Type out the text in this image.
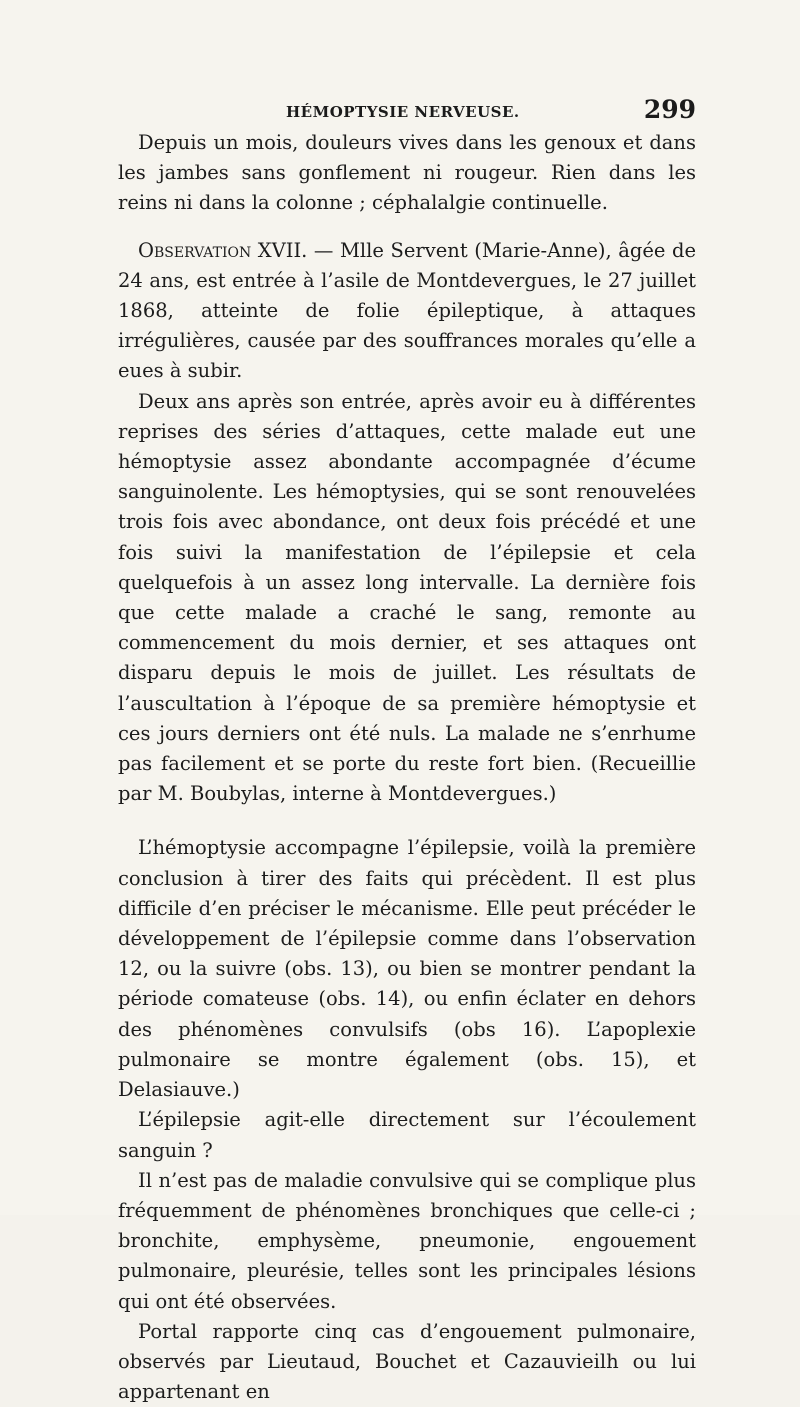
HÉMOPTYSIE NERVEUSE.	299

Depuis un mois, douleurs vives dans les genoux et dans les jambes sans gonflement ni rougeur. Rien dans les reins ni dans la colonne ; céphalalgie continuelle.

Observation XVII. — Mlle Servent (Marie-Anne), âgée de 24 ans, est entrée à l’asile de Montdevergues, le 27 juillet 1868, atteinte de folie épileptique, à attaques irrégulières, causée par des souffrances morales qu’elle a eues à subir.

Deux ans après son entrée, après avoir eu à différentes reprises des séries d’attaques, cette malade eut une hémoptysie assez abondante accompagnée d’écume sanguinolente. Les hémoptysies, qui se sont renouvelées trois fois avec abondance, ont deux fois précédé et une fois suivi la manifestation de l’épilepsie et cela quelquefois à un assez long intervalle. La dernière fois que cette malade a craché le sang, remonte au commencement du mois dernier, et ses attaques ont disparu depuis le mois de juillet. Les résultats de l’auscultation à l’époque de sa première hémoptysie et ces jours derniers ont été nuls. La malade ne s’enrhume pas facilement et se porte du reste fort bien. (Recueillie par M. Boubylas, interne à Montdevergues.)

L’hémoptysie accompagne l’épilepsie, voilà la première conclusion à tirer des faits qui précèdent. Il est plus difficile d’en préciser le mécanisme. Elle peut précéder le développement de l’épilepsie comme dans l’observation 12, ou la suivre (obs. 13), ou bien se montrer pendant la période comateuse (obs. 14), ou enfin éclater en dehors des phénomènes convulsifs (obs 16). L’apoplexie pulmonaire se montre également (obs. 15), et Delasiauve.)

L’épilepsie agit-elle directement sur l’écoulement sanguin ?

Il n’est pas de maladie convulsive qui se complique plus fréquemment de phénomènes bronchiques que celle-ci ; bronchite, emphysème, pneumonie, engouement pulmonaire, pleurésie, telles sont les principales lésions qui ont été observées.

Portal rapporte cinq cas d’engouement pulmonaire, observés par Lieutaud, Bouchet et Cazauvieilh ou lui appartenant en
